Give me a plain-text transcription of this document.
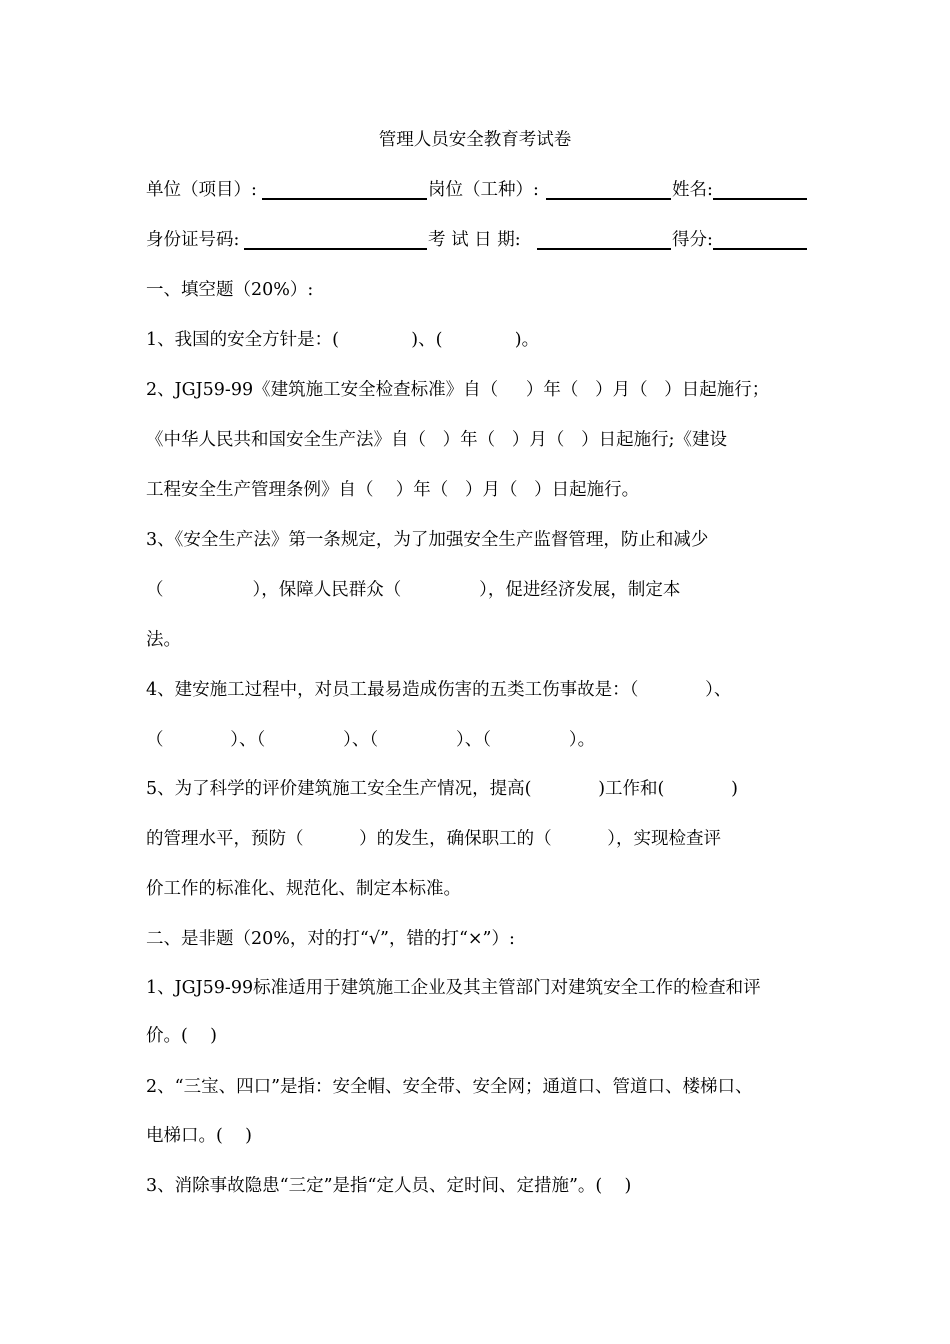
管理人员安全教育考试卷
单位（项目）:	岗位（工种）:	姓名:
身份证号码:	考 试 日 期:	得分:
一、填空题（20%）:
1、我国的安全方针是：(             )、(             )。
2、JGJ59-99《建筑施工安全检查标准》自（     ）年（   ）月（   ）日起施行；
《中华人民共和国安全生产法》自（   ）年（   ）月（   ）日起施行;《建设
工程安全生产管理条例》自（    ）年（   ）月（   ）日起施行。
3、《安全生产法》第一条规定，为了加强安全生产监督管理，防止和减少
（                ），保障人民群众（              ），促进经济发展，制定本
法。
4、建安施工过程中，对员工最易造成伤害的五类工伤事故是：（            ）、
（            ）、（              ）、（              ）、（              ）。
5、为了科学的评价建筑施工安全生产情况，提高(            )工作和(            )
的管理水平，预防（          ）的发生，确保职工的（          ），实现检查评
价工作的标准化、规范化、制定本标准。
二、是非题（20%，对的打“√”，错的打“×”）:
1、JGJ59-99标准适用于建筑施工企业及其主管部门对建筑安全工作的检查和评
价。(    )
2、“三宝、四口”是指：安全帽、安全带、安全网；通道口、管道口、楼梯口、
电梯口。(    )
3、消除事故隐患“三定”是指“定人员、定时间、定措施”。(    )
